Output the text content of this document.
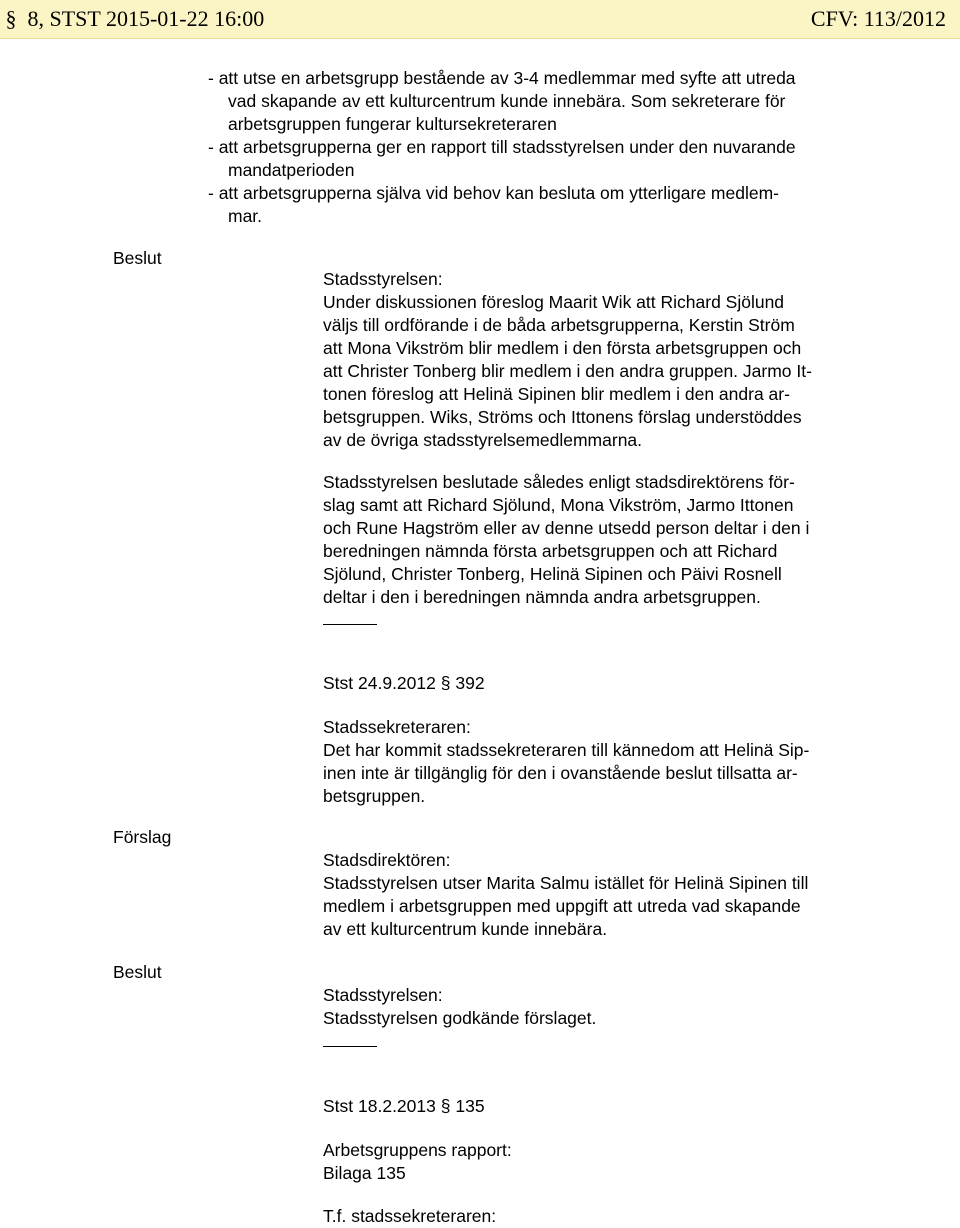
§ 8, STST 2015-01-22 16:00	CFV: 113/2012
- att utse en arbetsgrupp bestående av 3-4 medlemmar med syfte att utreda
vad skapande av ett kulturcentrum kunde innebära. Som sekreterare för
arbetsgruppen fungerar kultursekreteraren
- att arbetsgrupperna ger en rapport till stadsstyrelsen under den nuvarande
mandatperioden
- att arbetsgrupperna själva vid behov kan besluta om ytterligare medlem-
mar.
Beslut
Stadsstyrelsen:
Under diskussionen föreslog Maarit Wik att Richard Sjölund
väljs till ordförande i de båda arbetsgrupperna, Kerstin Ström
att Mona Vikström blir medlem i den första arbetsgruppen och
att Christer Tonberg blir medlem i den andra gruppen. Jarmo It-
tonen föreslog att Helinä Sipinen blir medlem i den andra ar-
betsgruppen. Wiks, Ströms och Ittonens förslag understöddes
av de övriga stadsstyrelsemedlemmarna.
Stadsstyrelsen beslutade således enligt stadsdirektörens för-
slag samt att Richard Sjölund, Mona Vikström, Jarmo Ittonen
och Rune Hagström eller av denne utsedd person deltar i den i
beredningen nämnda första arbetsgruppen och att Richard
Sjölund, Christer Tonberg, Helinä Sipinen och Päivi Rosnell
deltar i den i beredningen nämnda andra arbetsgruppen.
Stst 24.9.2012 § 392
Stadssekreteraren:
Det har kommit stadssekreteraren till kännedom att Helinä Sip-
inen inte är tillgänglig för den i ovanstående beslut tillsatta ar-
betsgruppen.
Förslag
Stadsdirektören:
Stadsstyrelsen utser Marita Salmu istället för Helinä Sipinen till
medlem i arbetsgruppen med uppgift att utreda vad skapande
av ett kulturcentrum kunde innebära.
Beslut
Stadsstyrelsen:
Stadsstyrelsen godkände förslaget.
Stst 18.2.2013 § 135
Arbetsgruppens rapport:
Bilaga 135
T.f. stadssekreteraren:
